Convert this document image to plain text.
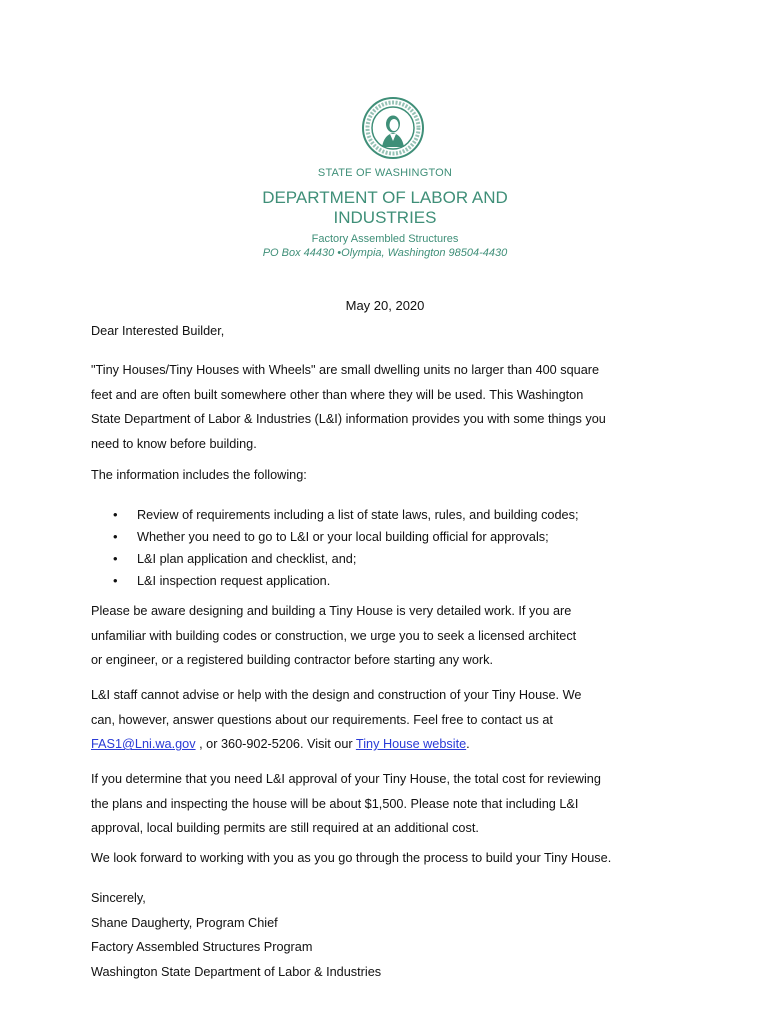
STATE OF WASHINGTON
DEPARTMENT OF LABOR AND
INDUSTRIES
Factory Assembled Structures
PO Box 44430 •Olympia, Washington 98504-4430
May 20, 2020
Dear Interested Builder,
"Tiny Houses/Tiny Houses with Wheels" are small dwelling units no larger than 400 square
feet and are often built somewhere other than where they will be used. This Washington
State Department of Labor & Industries (L&I) information provides you with some things you
need to know before building.
The information includes the following:
• Review of requirements including a list of state laws, rules, and building codes;
• Whether you need to go to L&I or your local building official for approvals;
• L&I plan application and checklist, and;
• L&I inspection request application.
Please be aware designing and building a Tiny House is very detailed work. If you are
unfamiliar with building codes or construction, we urge you to seek a licensed architect
or engineer, or a registered building contractor before starting any work.
L&I staff cannot advise or help with the design and construction of your Tiny House. We
can, however, answer questions about our requirements. Feel free to contact us at
FAS1@Lni.wa.gov , or 360-902-5206. Visit our Tiny House website.
If you determine that you need L&I approval of your Tiny House, the total cost for reviewing
the plans and inspecting the house will be about $1,500. Please note that including L&I
approval, local building permits are still required at an additional cost.
We look forward to working with you as you go through the process to build your Tiny House.
Sincerely,
Shane Daugherty, Program Chief
Factory Assembled Structures Program
Washington State Department of Labor & Industries
